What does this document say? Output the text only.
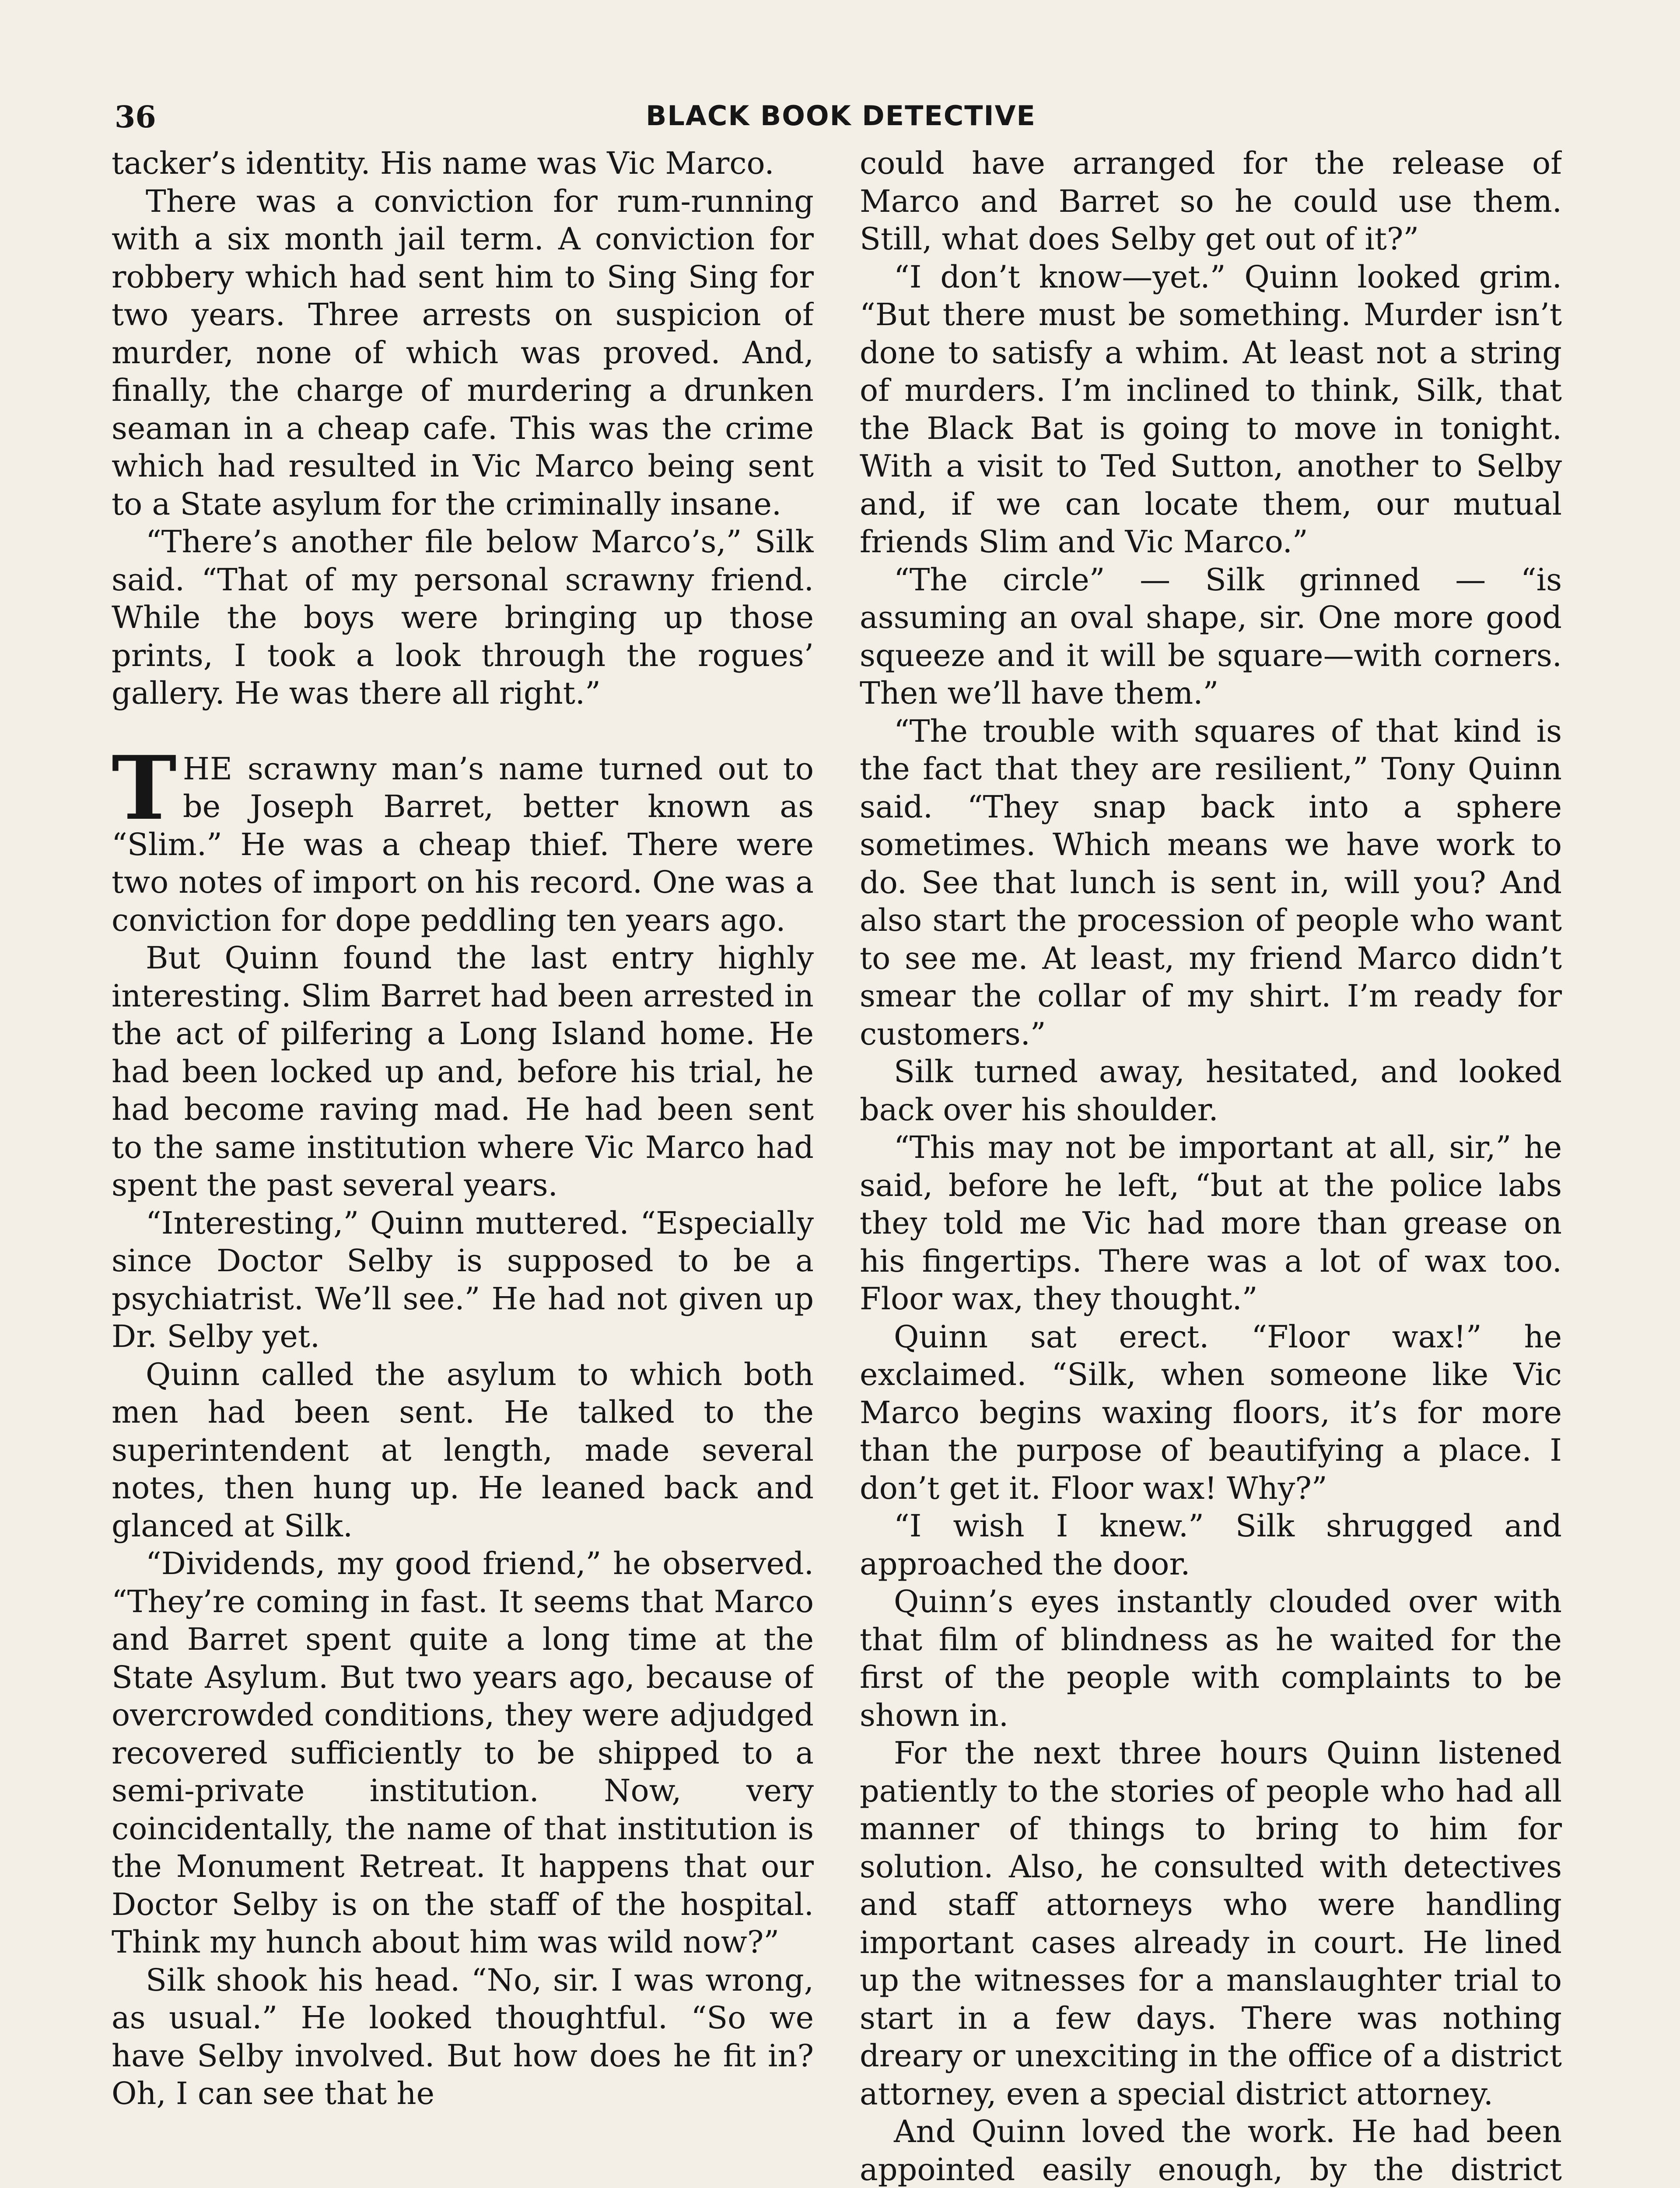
36	BLACK BOOK DETECTIVE

tacker’s identity. His name was Vic Marco.

There was a conviction for rum-running with a six month jail term. A conviction for robbery which had sent him to Sing Sing for two years. Three arrests on suspicion of murder, none of which was proved. And, finally, the charge of murdering a drunken seaman in a cheap cafe. This was the crime which had resulted in Vic Marco being sent to a State asylum for the criminally insane.

“There’s another file below Marco’s,” Silk said. “That of my personal scrawny friend. While the boys were bringing up those prints, I took a look through the rogues’ gallery. He was there all right.”

THE scrawny man’s name turned out to be Joseph Barret, better known as “Slim.” He was a cheap thief. There were two notes of import on his record. One was a conviction for dope peddling ten years ago.

But Quinn found the last entry highly interesting. Slim Barret had been arrested in the act of pilfering a Long Island home. He had been locked up and, before his trial, he had become raving mad. He had been sent to the same institution where Vic Marco had spent the past several years.

“Interesting,” Quinn muttered. “Especially since Doctor Selby is supposed to be a psychiatrist. We’ll see.” He had not given up Dr. Selby yet.

Quinn called the asylum to which both men had been sent. He talked to the superintendent at length, made several notes, then hung up. He leaned back and glanced at Silk.

“Dividends, my good friend,” he observed. “They’re coming in fast. It seems that Marco and Barret spent quite a long time at the State Asylum. But two years ago, because of overcrowded conditions, they were adjudged recovered sufficiently to be shipped to a semi-private institution. Now, very coincidentally, the name of that institution is the Monument Retreat. It happens that our Doctor Selby is on the staff of the hospital. Think my hunch about him was wild now?”

Silk shook his head. “No, sir. I was wrong, as usual.” He looked thoughtful. “So we have Selby involved. But how does he fit in? Oh, I can see that he

could have arranged for the release of Marco and Barret so he could use them. Still, what does Selby get out of it?”

“I don’t know—yet.” Quinn looked grim. “But there must be something. Murder isn’t done to satisfy a whim. At least not a string of murders. I’m inclined to think, Silk, that the Black Bat is going to move in tonight. With a visit to Ted Sutton, another to Selby and, if we can locate them, our mutual friends Slim and Vic Marco.”

“The circle” — Silk grinned — “is assuming an oval shape, sir. One more good squeeze and it will be square—with corners. Then we’ll have them.”

“The trouble with squares of that kind is the fact that they are resilient,” Tony Quinn said. “They snap back into a sphere sometimes. Which means we have work to do. See that lunch is sent in, will you? And also start the procession of people who want to see me. At least, my friend Marco didn’t smear the collar of my shirt. I’m ready for customers.”

Silk turned away, hesitated, and looked back over his shoulder.

“This may not be important at all, sir,” he said, before he left, “but at the police labs they told me Vic had more than grease on his fingertips. There was a lot of wax too. Floor wax, they thought.”

Quinn sat erect. “Floor wax!” he exclaimed. “Silk, when someone like Vic Marco begins waxing floors, it’s for more than the purpose of beautifying a place. I don’t get it. Floor wax! Why?”

“I wish I knew.” Silk shrugged and approached the door.

Quinn’s eyes instantly clouded over with that film of blindness as he waited for the first of the people with complaints to be shown in.

For the next three hours Quinn listened patiently to the stories of people who had all manner of things to bring to him for solution. Also, he consulted with detectives and staff attorneys who were handling important cases already in court. He lined up the witnesses for a manslaughter trial to start in a few days. There was nothing dreary or unexciting in the office of a district attorney, even a special district attorney.

And Quinn loved the work. He had been appointed easily enough, by the district
